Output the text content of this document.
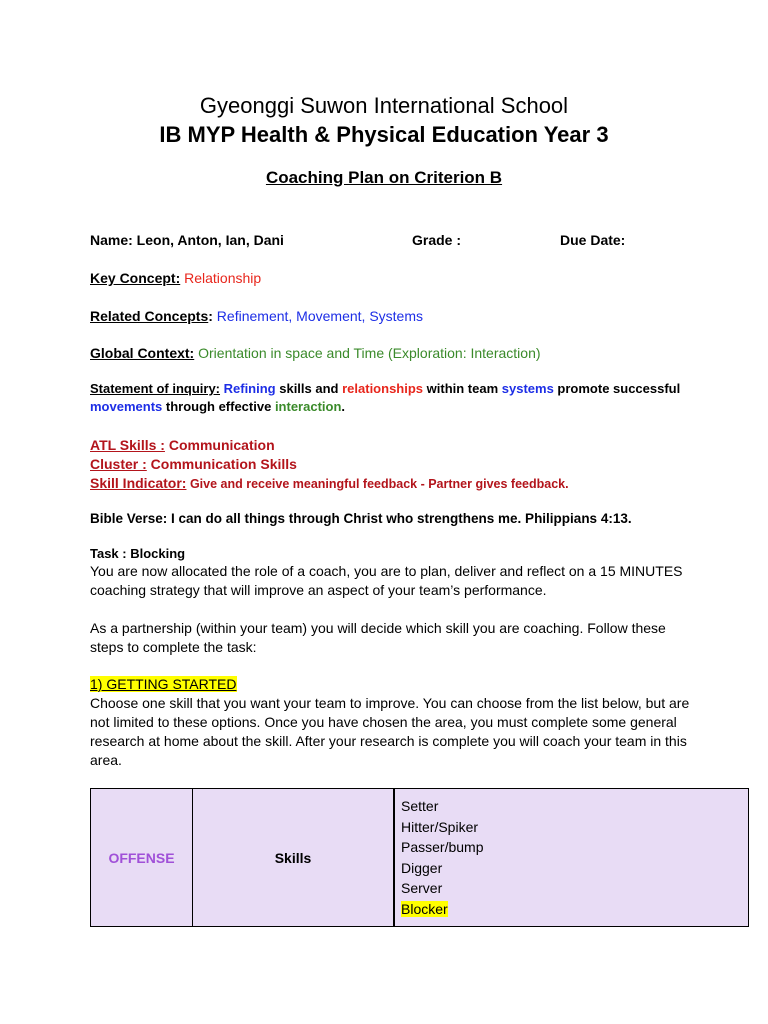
Gyeonggi Suwon International School
IB MYP Health & Physical Education Year 3
Coaching Plan on Criterion B
Name: Leon, Anton, Ian, Dani	Grade :	Due Date:
Key Concept: Relationship
Related Concepts: Refinement, Movement, Systems
Global Context: Orientation in space and Time (Exploration: Interaction)
Statement of inquiry: Refining skills and relationships within team systems promote successful
movements through effective interaction.
ATL Skills : Communication
Cluster : Communication Skills
Skill Indicator: Give and receive meaningful feedback - Partner gives feedback.
Bible Verse: I can do all things through Christ who strengthens me. Philippians 4:13.
Task : Blocking
You are now allocated the role of a coach, you are to plan, deliver and reflect on a 15 MINUTES coaching strategy that will improve an aspect of your team’s performance.
As a partnership (within your team) you will decide which skill you are coaching. Follow these steps to complete the task:
1) GETTING STARTED
Choose one skill that you want your team to improve. You can choose from the list below, but are not limited to these options. Once you have chosen the area, you must complete some general research at home about the skill. After your research is complete you will coach your team in this area.
OFFENSE	Skills	
Setter
Hitter/Spiker
Passer/bump
Digger
Server
Blocker
